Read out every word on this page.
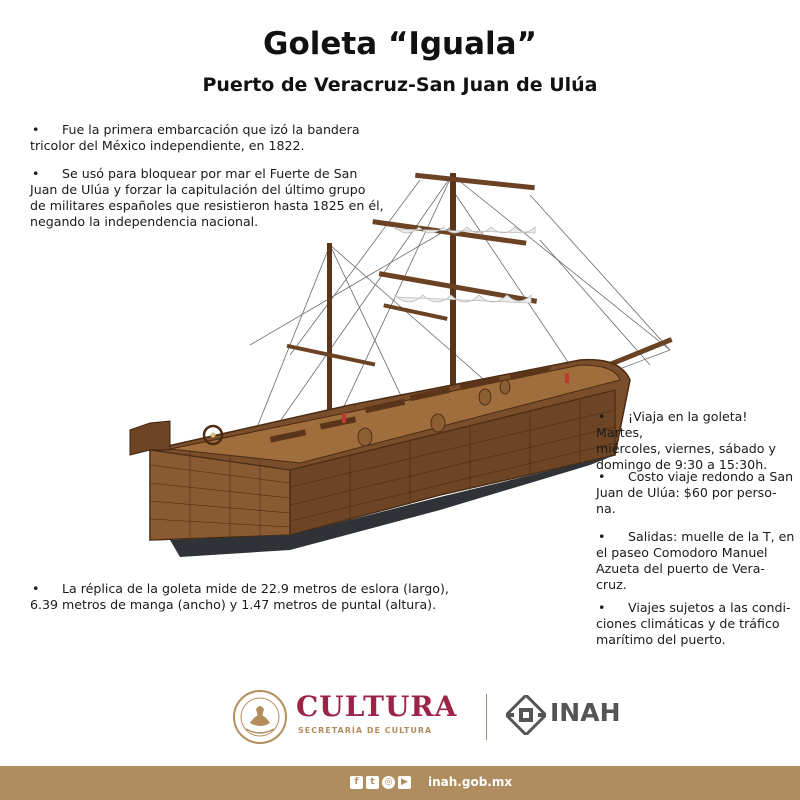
Goleta “Iguala”
Puerto de Veracruz-San Juan de Ulúa
• Fue la primera embarcación que izó la bandera
tricolor del México independiente, en 1822.
• Se usó para bloquear por mar el Fuerte de San
Juan de Ulúa y forzar la capitulación del último grupo
de militares españoles que resistieron hasta 1825 en él,
negando la independencia nacional.
• La réplica de la goleta mide de 22.9 metros de eslora (largo),
6.39 metros de manga (ancho) y 1.47 metros de puntal (altura).
• ¡Viaja en la goleta! Martes,
miércoles, viernes, sábado y
domingo de 9:30 a 15:30h.
• Costo viaje redondo a San
Juan de Ulúa: $60 por perso-
na.
• Salidas: muelle de la T, en
el paseo Comodoro Manuel
Azueta del puerto de Vera-
cruz.
• Viajes sujetos a las condi-
ciones climáticas y de tráfico
marítimo del puerto.
CULTURA
SECRETARÍA DE CULTURA
INAH
f t ◎ ▶	inah.gob.mx
